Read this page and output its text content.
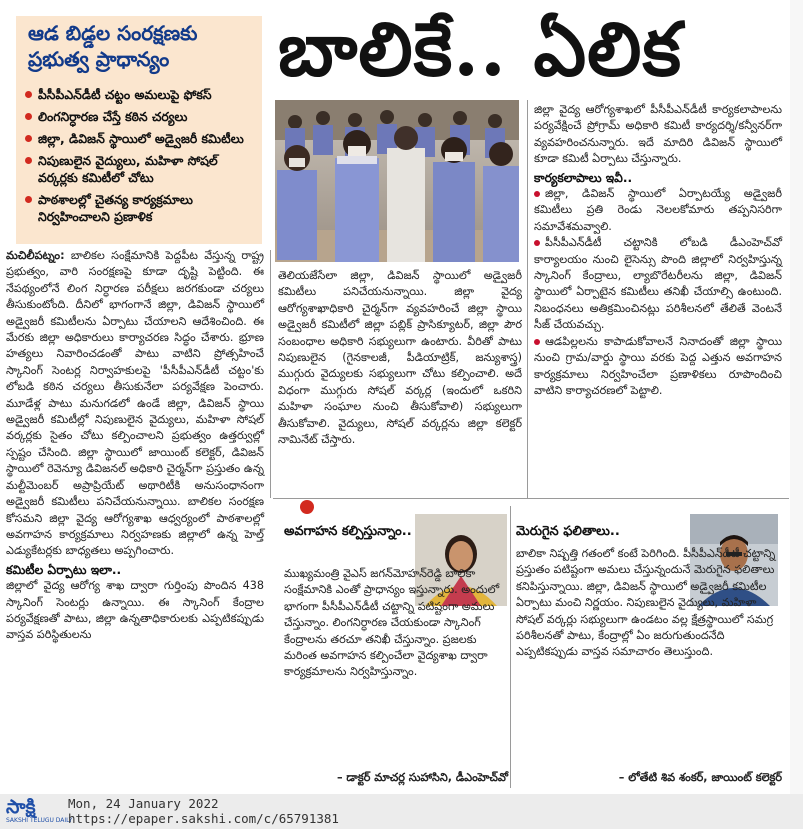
ఆడ బిడ్డల సంరక్షణకు ప్రభుత్వ ప్రాధాన్యం
పీసీపీఎన్‌డీటీ చట్టం అమలుపై ఫోకస్
లింగనిర్ధారణ చేస్తే కఠిన చర్యలు
జిల్లా, డివిజన్‌ స్థాయిలో అడ్వైజరీ కమిటీలు
నిపుణులైన వైద్యులు, మహిళా సోషల్‌ వర్కర్లకు కమిటీలో చోటు
పాఠశాలల్లో చైతన్య కార్యక్రమాలు నిర్వహించాలని ప్రణాళిక
బాలికే.. ఏలిక

మచిలీపట్నం: బాలికల సంక్షేమానికి పెద్దపీట వేస్తున్న రాష్ట్ర ప్రభుత్వం, వారి సంరక్షణపై కూడా దృష్టి పెట్టింది. ఈ నేపథ్యంలోనే లింగ నిర్ధారణ పరీక్షలు జరగకుండా చర్యలు తీసుకుంటోంది. దీనిలో భాగంగానే జిల్లా, డివిజన్‌ స్థాయిలో అడ్వైజరీ కమిటీలను ఏర్పాటు చేయాలని ఆదేశించింది. ఈ మేరకు జిల్లా అధికారులు కార్యాచరణ సిద్ధం చేశారు. భ్రూణ హత్యలు నివారించడంతో పాటు వాటిని ప్రోత్సహించే స్కానింగ్‌ సెంటర్ల నిర్వాహకులపై 'పీసీపీఎన్‌డీటీ చట్టం'కు లోబడి కఠిన చర్యలు తీసుకునేలా పర్యవేక్షణ పెంచారు. మూడేళ్ల పాటు మనుగడలో ఉండే జిల్లా, డివిజన్‌ స్థాయి అడ్వైజరీ కమిటీల్లో నిపుణులైన వైద్యులు, మహిళా సోషల్‌ వర్కర్లకు సైతం చోటు కల్పించాలని ప్రభుత్వం ఉత్తర్వుల్లో స్పష్టం చేసింది. జిల్లా స్థాయిలో జాయింట్‌ కలెక్టర్‌, డివిజన్‌ స్థాయిలో రెవెన్యూ డివిజనల్‌ అధికారి చైర్మన్‌గా ప్రస్తుతం ఉన్న మల్టీమెంబర్‌ అప్రాప్రియేట్‌ అథారిటీకి అనుసంధానంగా అడ్వైజరీ కమిటీలు పనిచేయనున్నాయి. బాలికల సంరక్షణ కోసమని జిల్లా వైద్య ఆరోగ్యశాఖ ఆధ్వర్యంలో పాఠశాలల్లో అవగాహన కార్యక్రమాలు నిర్వహణకు జిల్లాలో ఉన్న హెల్త్‌ ఎడ్యుకేటర్లకు బాధ్యతలు అప్పగించారు.

కమిటీల ఏర్పాటు ఇలా..

జిల్లాలో వైద్య ఆరోగ్య శాఖ ద్వారా గుర్తింపు పొందిన 438 స్కానింగ్‌ సెంటర్లు ఉన్నాయి. ఈ స్కానింగ్‌ కేంద్రాల పర్యవేక్షణతో పాటు, జిల్లా ఉన్నతాధికారులకు ఎప్పటికప్పుడు వాస్తవ పరిస్థితులను

తెలియజేసేలా జిల్లా, డివిజన్‌ స్థాయిలో అడ్వైజరీ కమిటీలు పనిచేయనున్నాయి. జిల్లా వైద్య ఆరోగ్యశాఖాధికారి చైర్మన్‌గా వ్యవహరించే జిల్లా స్థాయి అడ్వైజరీ కమిటీలో జిల్లా పబ్లిక్‌ ప్రాసిక్యూటర్‌, జిల్లా పౌర సంబంధాల అధికారి సభ్యులుగా ఉంటారు. వీరితో పాటు నిపుణులైన (గైనకాలజీ, పీడియాట్రిక్‌, జన్యుశాస్త్ర) ముగ్గురు వైద్యులకు సభ్యులుగా చోటు కల్పించాలి. అదే విధంగా ముగ్గురు సోషల్‌ వర్కర్ల (ఇందులో ఒకరిని మహిళా సంఘాల నుంచి తీసుకోవాలి) సభ్యులుగా తీసుకోవాలి. వైద్యులు, సోషల్‌ వర్కర్లను జిల్లా కలెక్టర్‌ నామినేట్‌ చేస్తారు.

జిల్లా వైద్య ఆరోగ్యశాఖలో పీసీపీఎన్‌డీటీ కార్యకలాపాలను పర్యవేక్షించే ప్రోగ్రామ్‌ అధికారి కమిటీ కార్యదర్శి/కన్వీనర్‌గా వ్యవహరించనున్నారు. ఇదే మాదిరి డివిజన్‌ స్థాయిలో కూడా కమిటీ ఏర్పాటు చేస్తున్నారు.

కార్యకలాపాలు ఇవీ..

జిల్లా, డివిజన్‌ స్థాయిలో ఏర్పాటయ్యే అడ్వైజరీ కమిటీలు ప్రతి రెండు నెలలకోమారు తప్పనిసరిగా సమావేశమవ్వాలి.

పీసీపీఎన్‌డీటీ చట్టానికి లోబడి డీఎంహెచ్‌వో కార్యాలయం నుంచి లైసెన్సు పొంది జిల్లాలో నిర్వహిస్తున్న స్కానింగ్‌ కేంద్రాలు, ల్యాబొరేటరీలను జిల్లా, డివిజన్‌ స్థాయిలో ఏర్పాటైన కమిటీలు తనిఖీ చేయాల్సి ఉంటుంది. నిబంధనలు అతిక్రమించినట్లు పరిశీలనలో తేలితే వెంటనే సీజ్‌ చేయవచ్చు.

ఆడపిల్లలను కాపాడుకోవాలనే నినాదంతో జిల్లా స్థాయి నుంచి గ్రామ/వార్డు స్థాయి వరకు పెద్ద ఎత్తున అవగాహన కార్యక్రమాలు నిర్వహించేలా ప్రణాళికలు రూపొందించి వాటిని కార్యాచరణలో పెట్టాలి.

అవగాహన కల్పిస్తున్నాం..
ముఖ్యమంత్రి వైఎస్‌ జగన్‌మోహన్‌రెడ్డి బాలికా సంక్షేమానికి ఎంతో ప్రాధాన్యం ఇస్తున్నారు. అందులో భాగంగా పీసీపీఎన్‌డీటీ చట్టాన్ని పటిష్టంగా అమలు చేస్తున్నాం. లింగనిర్ధారణ చేయకుండా స్కానింగ్‌ కేంద్రాలను తరచూ తనిఖీ చేస్తున్నాం. ప్రజలకు మరింత అవగాహన కల్పించేలా వైద్యశాఖ ద్వారా కార్యక్రమాలను నిర్వహిస్తున్నాం.
– డాక్టర్‌ మాచర్ల సుహాసిని, డీఎంహెచ్‌వో
మెరుగైన ఫలితాలు..
బాలికా నిష్పత్తి గతంలో కంటే పెరిగింది. పీసీపీఎన్‌డీటీ చట్టాన్ని ప్రస్తుతం పటిష్టంగా అమలు చేస్తున్నందునే మెరుగైన ఫలితాలు కనిపిస్తున్నాయి. జిల్లా, డివిజన్‌ స్థాయిలో అడ్వైజరీ కమిటీల ఏర్పాటు మంచి నిర్ణయం. నిపుణులైన వైద్యులు, మహిళా సోషల్‌ వర్కర్లు సభ్యులుగా ఉండటం వల్ల క్షేత్రస్థాయిలో సమగ్ర పరిశీలనతో పాటు, కేంద్రాల్లో ఏం జరుగుతుందనేది ఎప్పటికప్పుడు వాస్తవ సమాచారం తెలుస్తుంది.
– లోతేటి శివ శంకర్‌, జాయింట్‌ కలెక్టర్‌
సాక్షి
SAKSHI TELUGU DAILY
Mon, 24 January 2022
https://epaper.sakshi.com/c/65791381
